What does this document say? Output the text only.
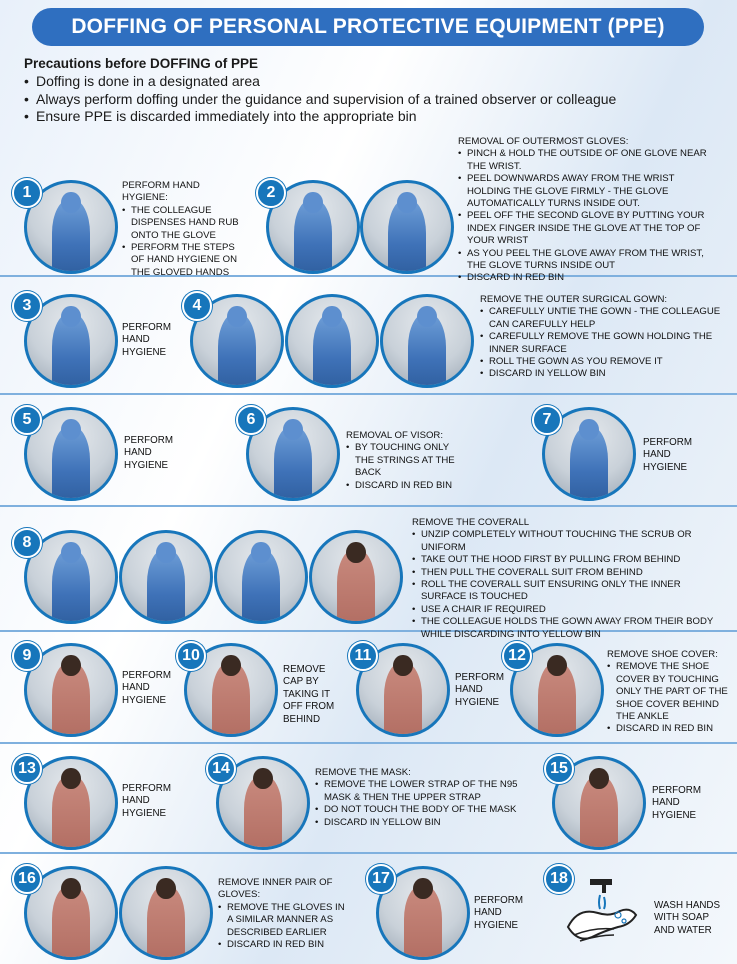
DOFFING OF PERSONAL PROTECTIVE EQUIPMENT (PPE)
Precautions before DOFFING of PPE
• Doffing is done in a designated area
• Always perform doffing under the guidance and supervision of a trained observer or colleague
• Ensure PPE is discarded immediately into the appropriate bin
1	PERFORM HAND HYGIENE:
• THE COLLEAGUE DISPENSES HAND RUB ONTO THE GLOVE
• PERFORM THE STEPS OF HAND HYGIENE ON THE GLOVED HANDS
2
REMOVAL OF OUTERMOST GLOVES:
• PINCH & HOLD THE OUTSIDE OF ONE GLOVE NEAR THE WRIST.
• PEEL DOWNWARDS AWAY FROM THE WRIST HOLDING THE GLOVE FIRMLY - THE GLOVE AUTOMATICALLY TURNS INSIDE OUT.
• PEEL OFF THE SECOND GLOVE BY PUTTING YOUR INDEX FINGER INSIDE THE GLOVE AT THE TOP OF YOUR WRIST
• AS YOU PEEL THE GLOVE AWAY FROM THE WRIST, THE GLOVE TURNS INSIDE OUT
• DISCARD IN RED BIN
3
PERFORM HAND HYGIENE
4	REMOVE THE OUTER SURGICAL GOWN:
• CAREFULLY UNTIE THE GOWN - THE COLLEAGUE CAN CAREFULLY HELP
• CAREFULLY REMOVE THE GOWN HOLDING THE INNER SURFACE
• ROLL THE GOWN AS YOU REMOVE IT
• DISCARD IN YELLOW BIN
5
PERFORM HAND HYGIENE
6
REMOVAL OF VISOR:
• BY TOUCHING ONLY THE STRINGS AT THE BACK
• DISCARD IN RED BIN
7
PERFORM HAND HYGIENE
8
REMOVE THE COVERALL
• UNZIP COMPLETELY WITHOUT TOUCHING THE SCRUB OR UNIFORM
• TAKE OUT THE HOOD FIRST BY PULLING FROM BEHIND
• THEN PULL THE COVERALL SUIT FROM BEHIND
• ROLL THE COVERALL SUIT ENSURING ONLY THE INNER SURFACE IS TOUCHED
• USE A CHAIR IF REQUIRED
• THE COLLEAGUE HOLDS THE GOWN AWAY FROM THEIR BODY WHILE DISCARDING INTO YELLOW BIN
9
PERFORM HAND HYGIENE
10
REMOVE CAP BY TAKING IT OFF FROM BEHIND
11
PERFORM HAND HYGIENE
12	REMOVE SHOE COVER:
• REMOVE THE SHOE COVER BY TOUCHING ONLY THE PART OF THE SHOE COVER BEHIND THE ANKLE
• DISCARD IN RED BIN
13
PERFORM HAND HYGIENE
14	REMOVE THE MASK:
• REMOVE THE LOWER STRAP OF THE N95 MASK & THEN THE UPPER STRAP
• DO NOT TOUCH THE BODY OF THE MASK
• DISCARD IN YELLOW BIN
15
PERFORM HAND HYGIENE
16	REMOVE INNER PAIR OF GLOVES:
• REMOVE THE GLOVES IN A SIMILAR MANNER AS DESCRIBED EARLIER
• DISCARD IN RED BIN
17
PERFORM HAND HYGIENE
18
WASH HANDS WITH SOAP AND WATER
